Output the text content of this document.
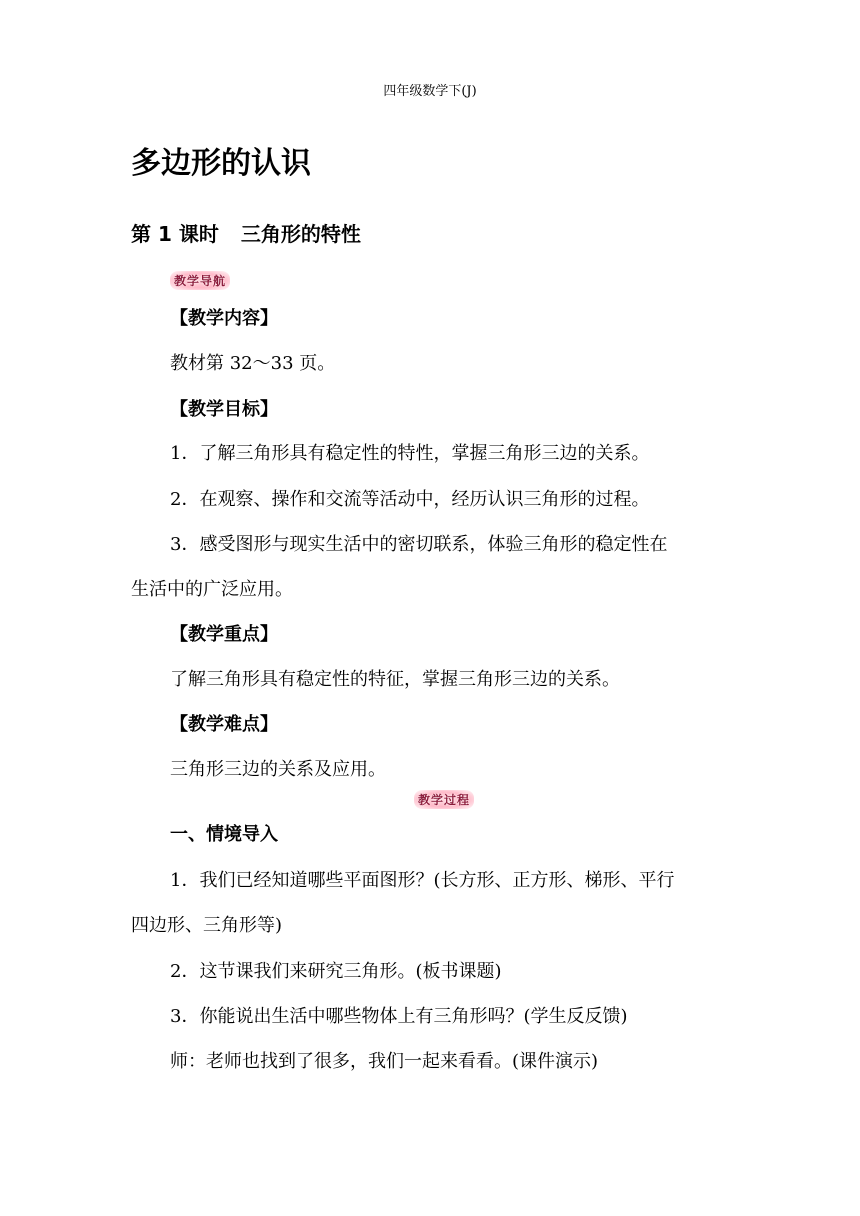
四年级数学下(J)
多边形的认识
第 1 课时 三角形的特性
教学导航
【教学内容】
教材第 32～33 页。
【教学目标】
1．了解三角形具有稳定性的特性，掌握三角形三边的关系。
2．在观察、操作和交流等活动中，经历认识三角形的过程。
3．感受图形与现实生活中的密切联系，体验三角形的稳定性在
生活中的广泛应用。
【教学重点】
了解三角形具有稳定性的特征，掌握三角形三边的关系。
【教学难点】
三角形三边的关系及应用。
教学过程
一、情境导入
1．我们已经知道哪些平面图形？(长方形、正方形、梯形、平行
四边形、三角形等)
2．这节课我们来研究三角形。(板书课题)
3．你能说出生活中哪些物体上有三角形吗？(学生反反馈)
师：老师也找到了很多，我们一起来看看。(课件演示)
